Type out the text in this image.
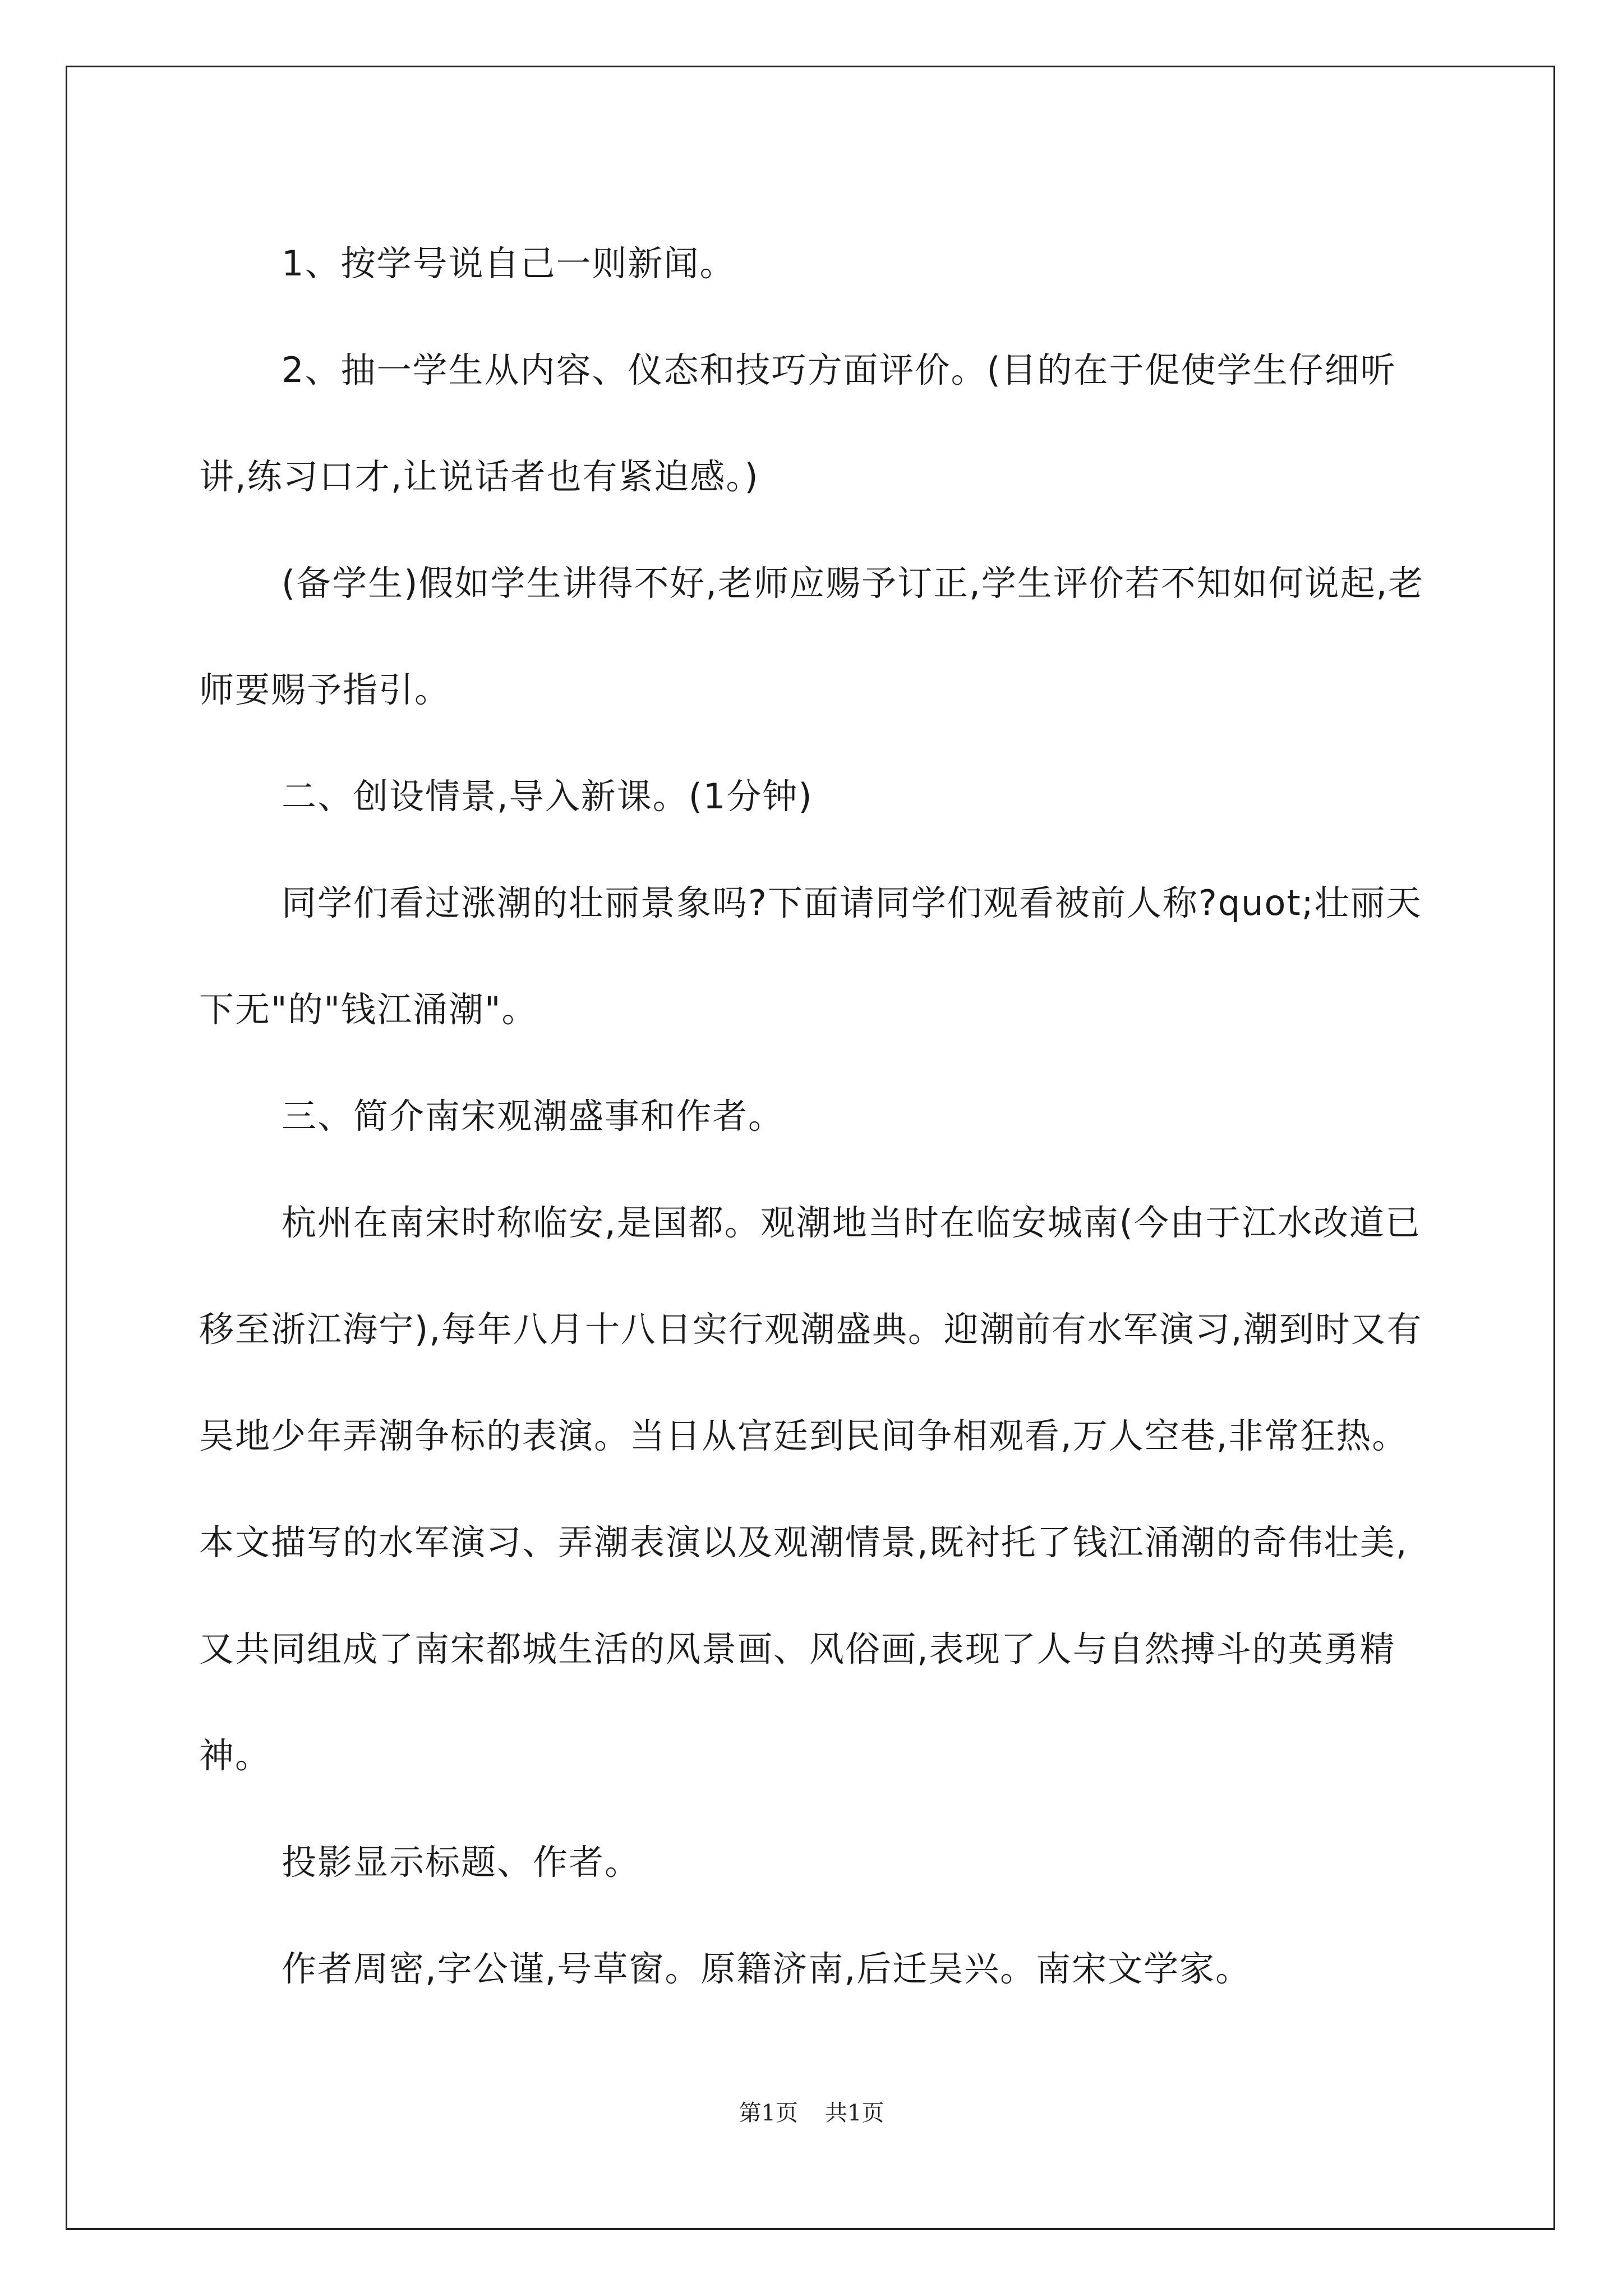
1、按学号说自己一则新闻。

2、抽一学生从内容、仪态和技巧方面评价。(目的在于促使学生仔细听讲,练习口才,让说话者也有紧迫感。)

(备学生)假如学生讲得不好,老师应赐予订正,学生评价若不知如何说起,老师要赐予指引。

二、创设情景,导入新课。(1分钟)

同学们看过涨潮的壮丽景象吗?下面请同学们观看被前人称?quot;壮丽天下无"的"钱江涌潮"。

三、简介南宋观潮盛事和作者。

杭州在南宋时称临安,是国都。观潮地当时在临安城南(今由于江水改道已移至浙江海宁),每年八月十八日实行观潮盛典。迎潮前有水军演习,潮到时又有吴地少年弄潮争标的表演。当日从宫廷到民间争相观看,万人空巷,非常狂热。本文描写的水军演习、弄潮表演以及观潮情景,既衬托了钱江涌潮的奇伟壮美,又共同组成了南宋都城生活的风景画、风俗画,表现了人与自然搏斗的英勇精神。

投影显示标题、作者。

作者周密,字公谨,号草窗。原籍济南,后迁吴兴。南宋文学家。

第1页 共1页
